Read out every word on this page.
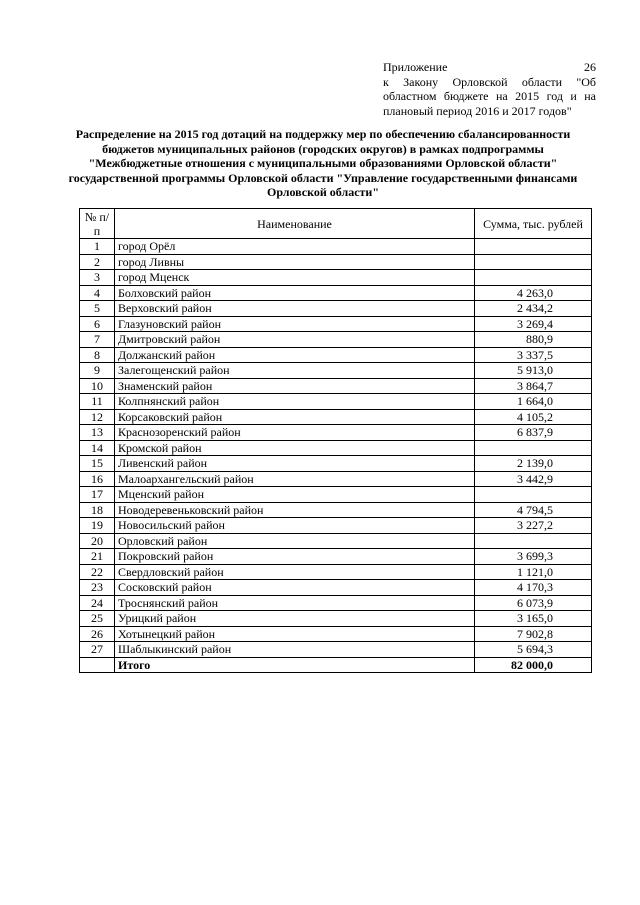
Приложение 26
к Закону Орловской области "Об
областном бюджете на 2015 год и на
плановый период 2016 и 2017 годов"
Распределение на 2015 год дотаций на поддержку мер по обеспечению сбалансированности бюджетов муниципальных районов (городских округов) в рамках подпрограммы "Межбюджетные отношения с муниципальными образованиями Орловской области" государственной программы Орловской области "Управление государственными финансами Орловской области"
№ п/п	Наименование	Сумма, тыс. рублей
1	город Орёл	
2	город Ливны	
3	город Мценск	
4	Болховский район	4 263,0
5	Верховский район	2 434,2
6	Глазуновский район	3 269,4
7	Дмитровский район	880,9
8	Должанский район	3 337,5
9	Залегощенский район	5 913,0
10	Знаменский район	3 864,7
11	Колпнянский район	1 664,0
12	Корсаковский район	4 105,2
13	Краснозоренский район	6 837,9
14	Кромской район	
15	Ливенский район	2 139,0
16	Малоархангельский район	3 442,9
17	Мценский район	
18	Новодеревеньковский район	4 794,5
19	Новосильский район	3 227,2
20	Орловский район	
21	Покровский район	3 699,3
22	Свердловский район	1 121,0
23	Сосковский район	4 170,3
24	Троснянский район	6 073,9
25	Урицкий район	3 165,0
26	Хотынецкий район	7 902,8
27	Шаблыкинский район	5 694,3
	Итого	82 000,0
